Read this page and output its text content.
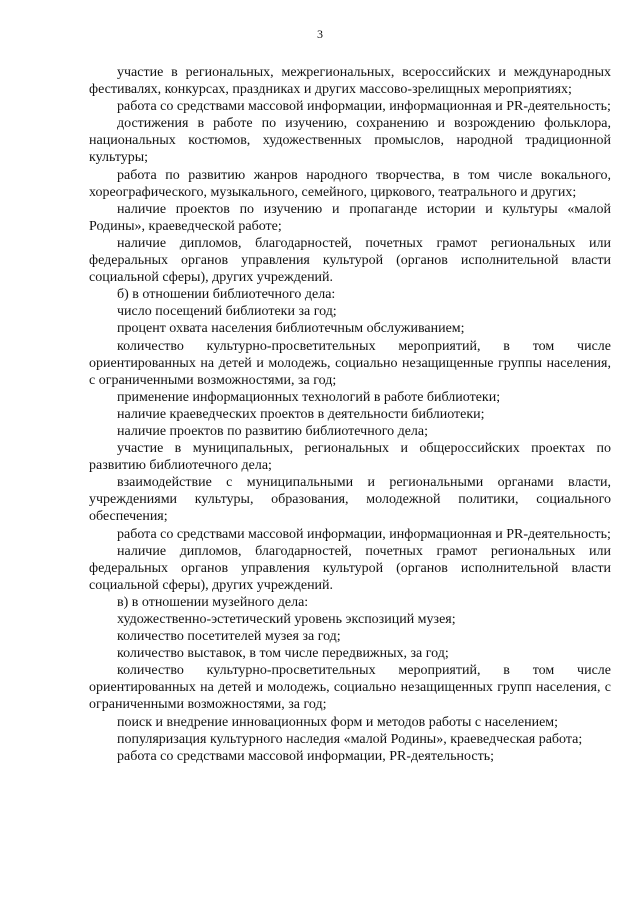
3

участие в региональных, межрегиональных, всероссийских и международных фестивалях, конкурсах, праздниках и других массово-зрелищных мероприятиях;

работа со средствами массовой информации, информационная и PR-деятельность;

достижения в работе по изучению, сохранению и возрождению фольклора, национальных костюмов, художественных промыслов, народной традиционной культуры;

работа по развитию жанров народного творчества, в том числе вокального, хореографического, музыкального, семейного, циркового, театрального и других;

наличие проектов по изучению и пропаганде истории и культуры «малой Родины», краеведческой работе;

наличие дипломов, благодарностей, почетных грамот региональных или федеральных органов управления культурой (органов исполнительной власти социальной сферы), других учреждений.

б) в отношении библиотечного дела:

число посещений библиотеки за год;

процент охвата населения библиотечным обслуживанием;

количество культурно-просветительных мероприятий, в том числе ориентированных на детей и молодежь, социально незащищенные группы населения, с ограниченными возможностями, за год;

применение информационных технологий в работе библиотеки;

наличие краеведческих проектов в деятельности библиотеки;

наличие проектов по развитию библиотечного дела;

участие в муниципальных, региональных и общероссийских проектах по развитию библиотечного дела;

взаимодействие с муниципальными и региональными органами власти, учреждениями культуры, образования, молодежной политики, социального обеспечения;

работа со средствами массовой информации, информационная и PR-деятельность;

наличие дипломов, благодарностей, почетных грамот региональных или федеральных органов управления культурой (органов исполнительной власти социальной сферы), других учреждений.

в) в отношении музейного дела:

художественно-эстетический уровень экспозиций музея;

количество посетителей музея за год;

количество выставок, в том числе передвижных, за год;

количество культурно-просветительных мероприятий, в том числе ориентированных на детей и молодежь, социально незащищенных групп населения, с ограниченными возможностями, за год;

поиск и внедрение инновационных форм и методов работы с населением;

популяризация культурного наследия «малой Родины», краеведческая работа;

работа со средствами массовой информации, PR-деятельность;
